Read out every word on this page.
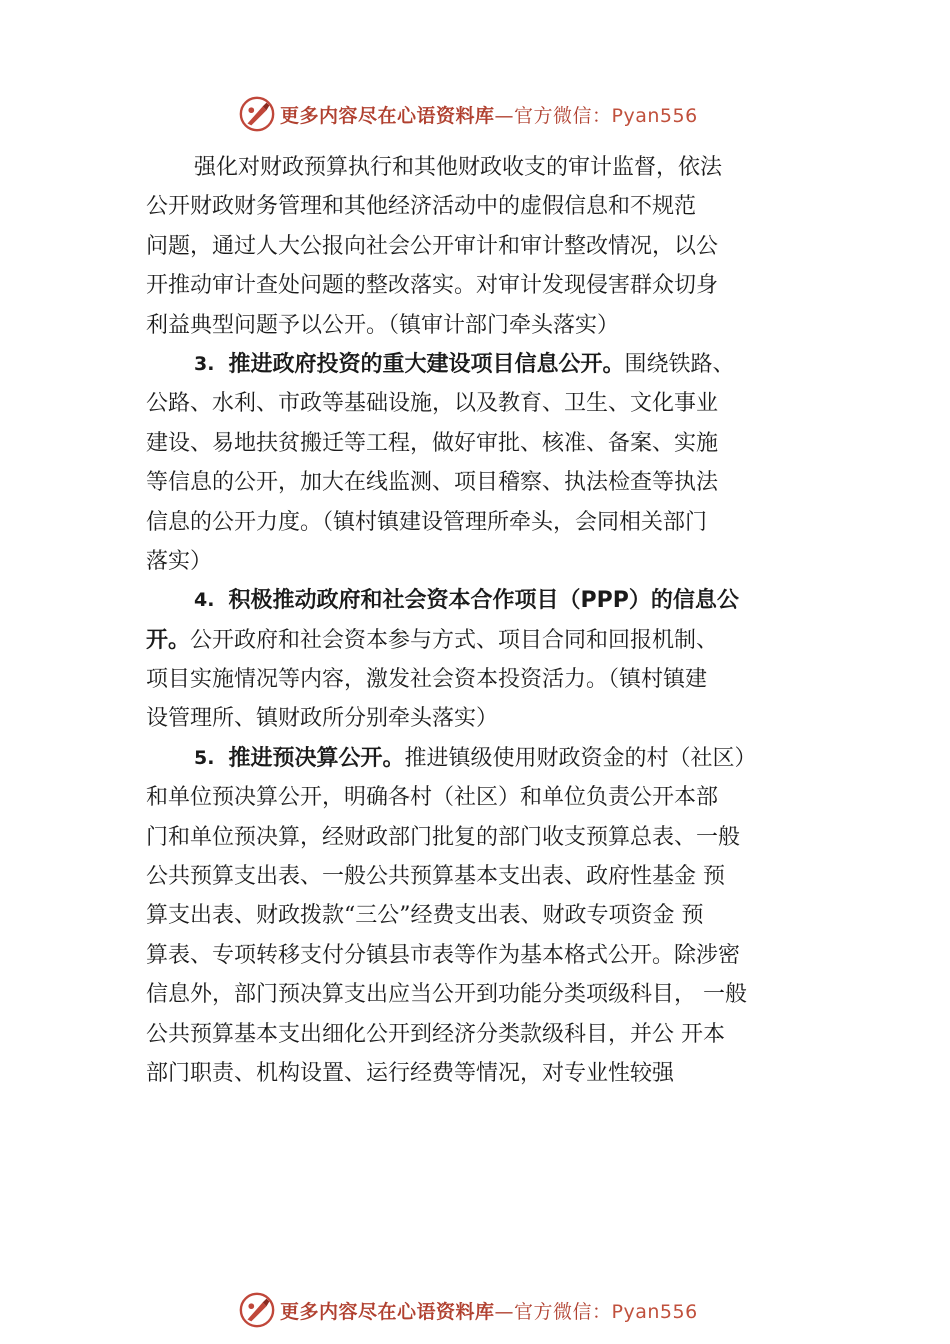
更多内容尽在心语资料库—官方微信：Pyan556
强化对财政预算执行和其他财政收支的审计监督，依法
公开财政财务管理和其他经济活动中的虚假信息和不规范
问题，通过人大公报向社会公开审计和审计整改情况，以公
开推动审计查处问题的整改落实。对审计发现侵害群众切身
利益典型问题予以公开。（镇审计部门牵头落实）
3. 推进政府投资的重大建设项目信息公开。 围绕铁路、
公路、水利、市政等基础设施，以及教育、卫生、文化事业
建设、易地扶贫搬迁等工程，做好审批、核准、备案、实施
等信息的公开，加大在线监测、项目稽察、执法检查等执法
信息的公开力度。（镇村镇建设管理所牵头，会同相关部门
落实）
4. 积极推动政府和社会资本合作项目（PPP）的信息公
开。 公开政府和社会资本参与方式、项目合同和回报机制、
项目实施情况等内容，激发社会资本投资活力。（镇村镇建
设管理所、镇财政所分别牵头落实）
5. 推进预决算公开。 推进镇级使用财政资金的村（社区）
和单位预决算公开，明确各村（社区）和单位负责公开本部
门和单位预决算，经财政部门批复的部门收支预算总表、一般
公共预算支出表、一般公共预算基本支出表、政府性基金 预
算支出表、财政拨款“三公”经费支出表、财政专项资金 预
算表、专项转移支付分镇县市表等作为基本格式公开。除涉密
信息外，部门预决算支出应当公开到功能分类项级科目， 一般
公共预算基本支出细化公开到经济分类款级科目，并公 开本
部门职责、机构设置、运行经费等情况，对专业性较强
更多内容尽在心语资料库—官方微信：Pyan556
